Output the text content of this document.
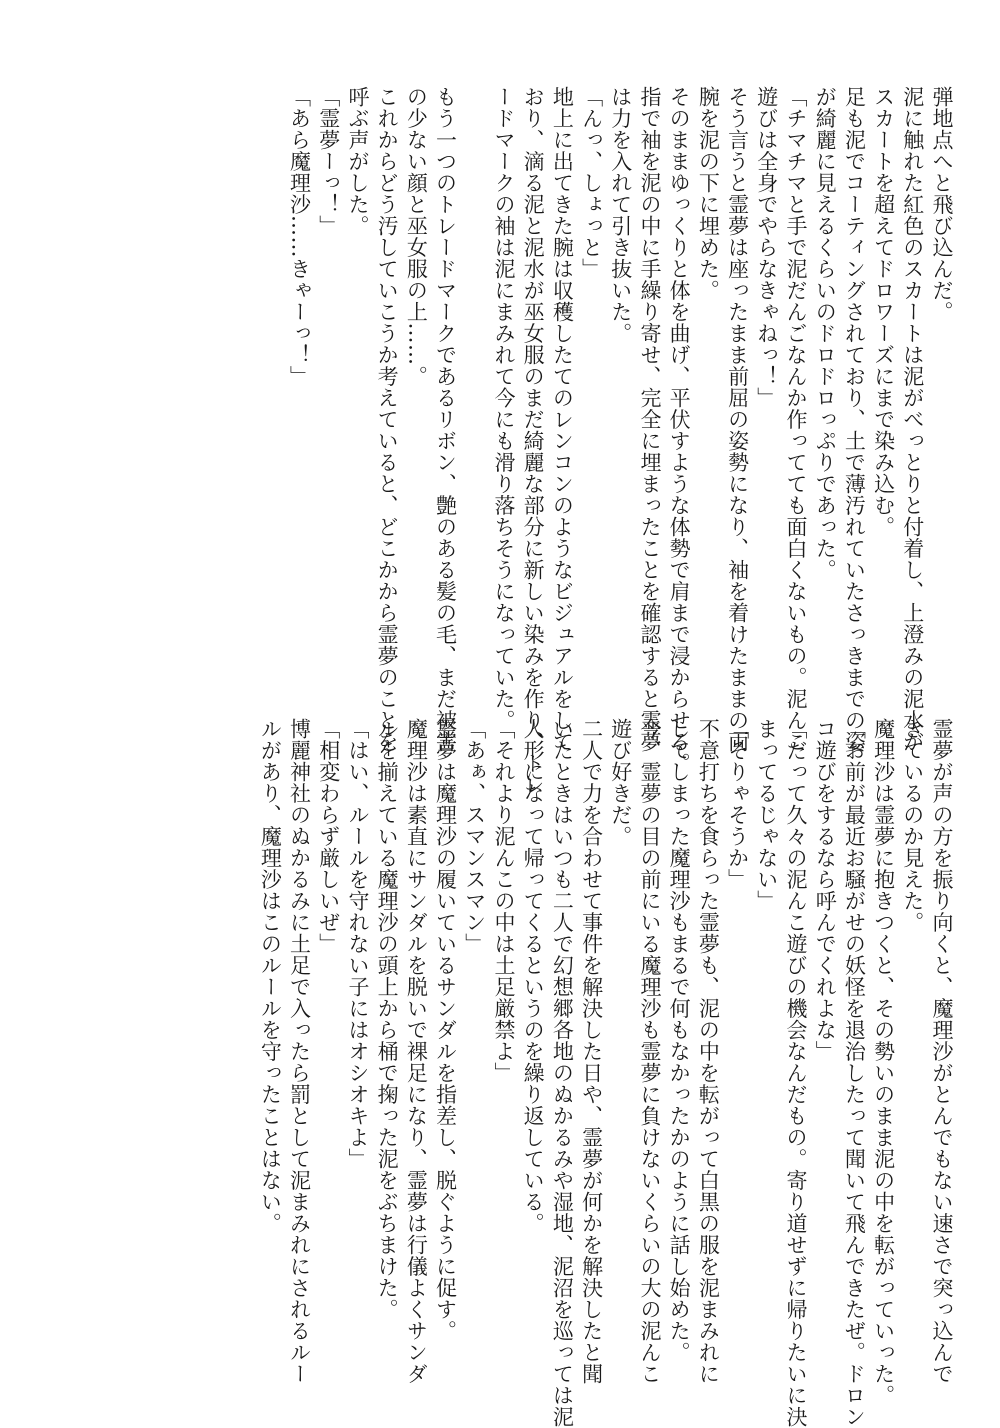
弾地点へと飛び込んだ。
泥に触れた紅色のスカートは泥がべっとりと付着し、上澄みの泥水が
スカートを超えてドロワーズにまで染み込む。
足も泥でコーティングされており、土で薄汚れていたさっきまでの姿
が綺麗に見えるくらいのドロドロっぷりであった。
「チマチマと手で泥だんごなんか作ってても面白くないもの。泥んこ
遊びは全身でやらなきゃねっ！」
そう言うと霊夢は座ったまま前屈の姿勢になり、袖を着けたままの両
腕を泥の下に埋めた。
そのままゆっくりと体を曲げ、平伏すような体勢で肩まで浸からせる。
指で袖を泥の中に手繰り寄せ、完全に埋まったことを確認すると霊夢
は力を入れて引き抜いた。
「んっ、しょっと」
地上に出てきた腕は収穫したてのレンコンのようなビジュアルをして
おり、滴る泥と泥水が巫女服のまだ綺麗な部分に新しい染みを作り、トレ
ードマークの袖は泥にまみれて今にも滑り落ちそうになっていた。

もう一つのトレードマークであるリボン、艶のある髪の毛、まだ被害
の少ない顔と巫女服の上……。
これからどう汚していこうか考えていると、どこかから霊夢のことを
呼ぶ声がした。
「霊夢ーっ！」
「あら魔理沙……きゃーっ！」
霊夢が声の方を振り向くと、魔理沙がとんでもない速さで突っ込んで
きているのか見えた。
魔理沙は霊夢に抱きつくと、その勢いのまま泥の中を転がっていった。
「お前が最近お騒がせの妖怪を退治したって聞いて飛んできたぜ。ドロン
コ遊びをするなら呼んでくれよな」
「だって久々の泥んこ遊びの機会なんだもの。寄り道せずに帰りたいに決
まってるじゃない」
「そりゃそうか」
不意打ちを食らった霊夢も、泥の中を転がって白黒の服を泥まみれに
してしまった魔理沙もまるで何もなかったかのように話し始めた。
今、霊夢の目の前にいる魔理沙も霊夢に負けないくらいの大の泥んこ
遊び好きだ。
二人で力を合わせて事件を解決した日や、霊夢が何かを解決したと聞
いたときはいつも二人で幻想郷各地のぬかるみや湿地、泥沼を巡っては泥
人形になって帰ってくるというのを繰り返している。
「それより泥んこの中は土足厳禁よ」
「あぁ、スマンスマン」
霊夢は魔理沙の履いているサンダルを指差し、脱ぐように促す。
魔理沙は素直にサンダルを脱いで裸足になり、霊夢は行儀よくサンダ
ルを揃えている魔理沙の頭上から桶で掬った泥をぶちまけた。
「はい、ルールを守れない子にはオシオキよ」
「相変わらず厳しいぜ」
博麗神社のぬかるみに土足で入ったら罰として泥まみれにされるルー
ルがあり、魔理沙はこのルールを守ったことはない。
